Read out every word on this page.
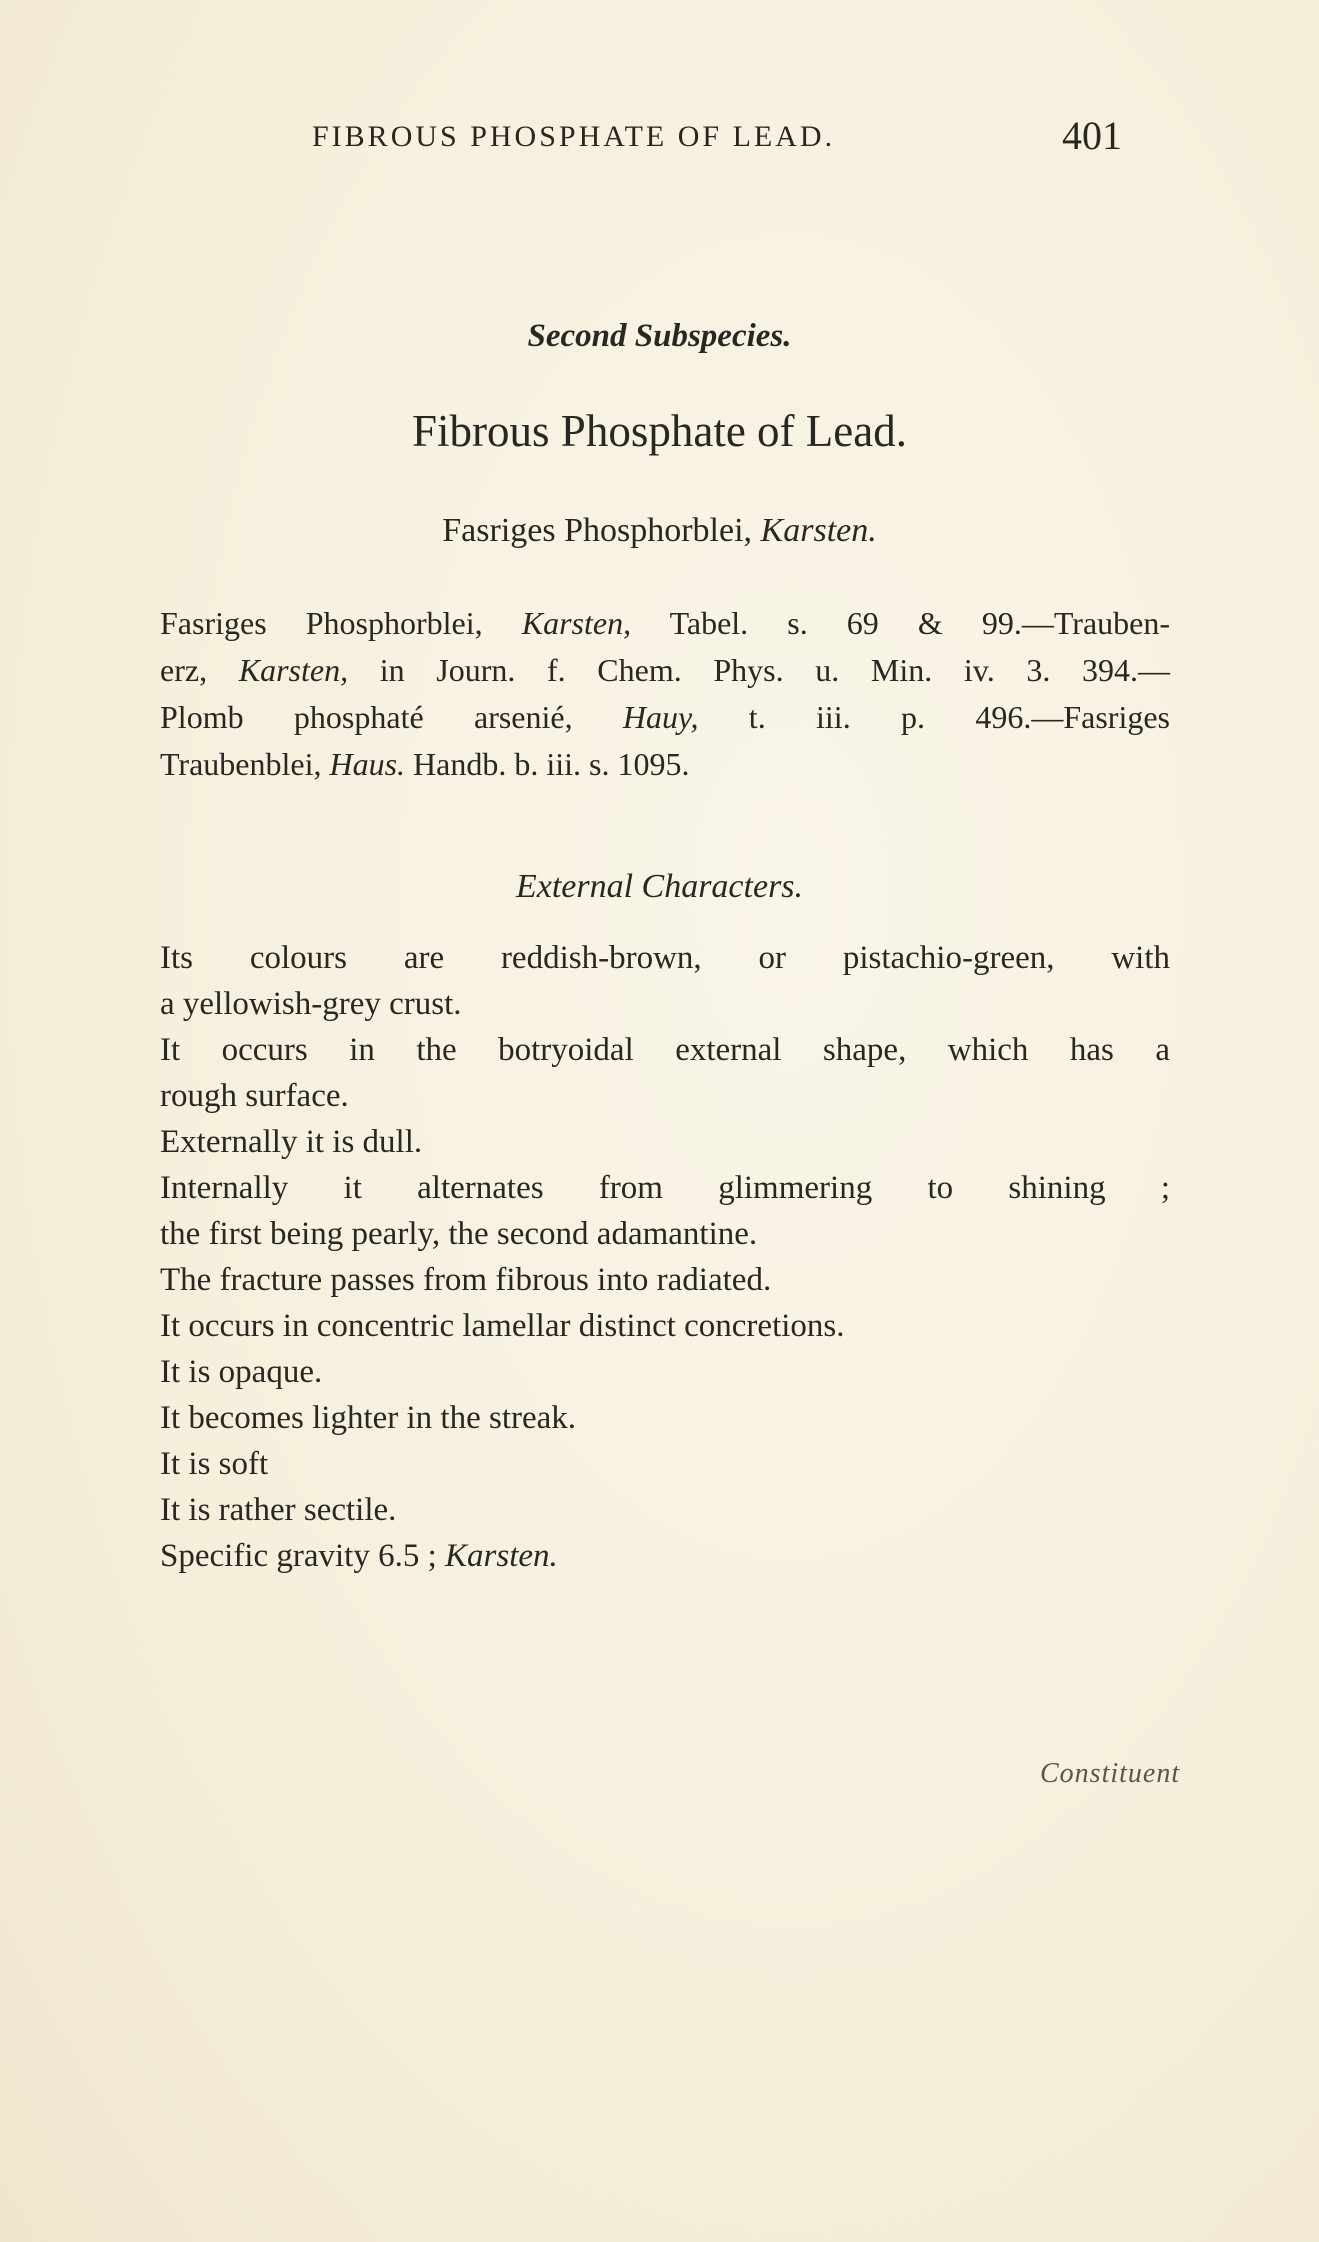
FIBROUS PHOSPHATE OF LEAD.	401
Second Subspecies.
Fibrous Phosphate of Lead.
Fasriges Phosphorblei, Karsten.
Fasriges Phosphorblei, Karsten, Tabel. s. 69 & 99.—Trauben-
erz, Karsten, in Journ. f. Chem. Phys. u. Min. iv. 3. 394.—
Plomb phosphaté arsenié, Hauy, t. iii. p. 496.—Fasriges
Traubenblei, Haus. Handb. b. iii. s. 1095.
External Characters.
Its colours are reddish-brown, or pistachio-green, with
a yellowish-grey crust.
It occurs in the botryoidal external shape, which has a
rough surface.
Externally it is dull.
Internally it alternates from glimmering to shining ;
the first being pearly, the second adamantine.
The fracture passes from fibrous into radiated.
It occurs in concentric lamellar distinct concretions.
It is opaque.
It becomes lighter in the streak.
It is soft
It is rather sectile.
Specific gravity 6.5 ; Karsten.
Constituent
